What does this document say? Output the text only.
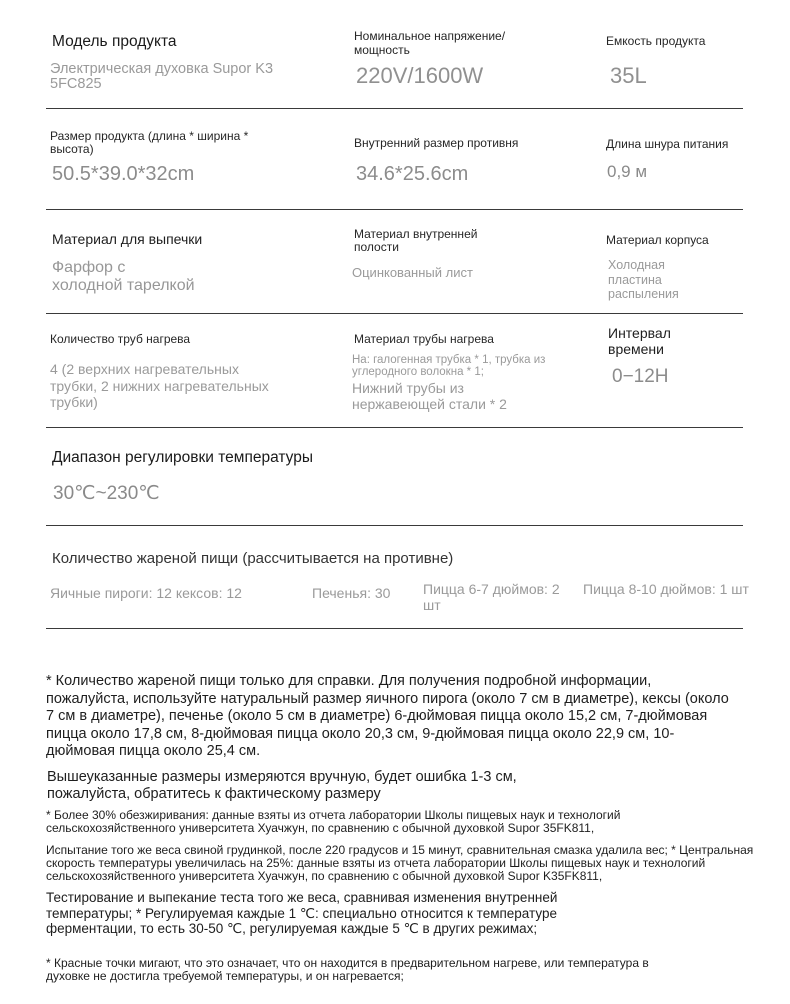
Модель продукта
Электрическая духовка Supor K3 5FC825
Номинальное напряжение/ мощность
220V/1600W
Емкость продукта
35L
Размер продукта (длина * ширина * высота)
50.5*39.0*32cm
Внутренний размер противня
34.6*25.6cm
Длина шнура питания
0,9 м
Материал для выпечки
Фарфор с
холодной тарелкой
Материал внутренней полости
Оцинкованный лист
Материал корпуса
Холодная пластина распыления
Количество труб нагрева
4 (2 верхних нагревательных трубки, 2 нижних нагревательных трубки)
Материал трубы нагрева
На: галогенная трубка * 1, трубка из углеродного волокна * 1;
Нижний трубы из нержавеющей стали * 2
Интервал времени
0−12H
Диапазон регулировки температуры
30℃~230℃
Количество жареной пищи (рассчитывается на противне)
Яичные пироги: 12 кексов: 12	Печенья: 30 Пицца 6-7 дюймов: 2 шт
Пицца 8-10 дюймов: 1 шт
* Количество жареной пищи только для справки. Для получения подробной информации, пожалуйста, используйте натуральный размер яичного пирога (около 7 см в диаметре), кексы (около 7 см в диаметре), печенье (около 5 см в диаметре) 6-дюймовая пицца около 15,2 см, 7-дюймовая пицца около 17,8 см, 8-дюймовая пицца около 20,3 см, 9-дюймовая пицца около 22,9 см, 10-дюймовая пицца около 25,4 см.
Вышеуказанные размеры измеряются вручную, будет ошибка 1-3 см, пожалуйста, обратитесь к фактическому размеру
* Более 30% обезжиривания: данные взяты из отчета лаборатории Школы пищевых наук и технологий сельскохозяйственного университета Хуачжун, по сравнению с обычной духовкой Supor 35FK811,
Испытание того же веса свиной грудинкой, после 220 градусов и 15 минут, сравнительная смазка удалила вес; * Центральная скорость температуры увеличилась на 25%: данные взяты из отчета лаборатории Школы пищевых наук и технологий сельскохозяйственного университета Хуачжун, по сравнению с обычной духовкой Supor K35FK811,
Тестирование и выпекание теста того же веса, сравнивая изменения внутренней температуры; * Регулируемая каждые 1 ℃: специально относится к температуре ферментации, то есть 30-50 ℃, регулируемая каждые 5 ℃ в других режимах;
* Красные точки мигают, что это означает, что он находится в предварительном нагреве, или температура в духовке не достигла требуемой температуры, и он нагревается;
